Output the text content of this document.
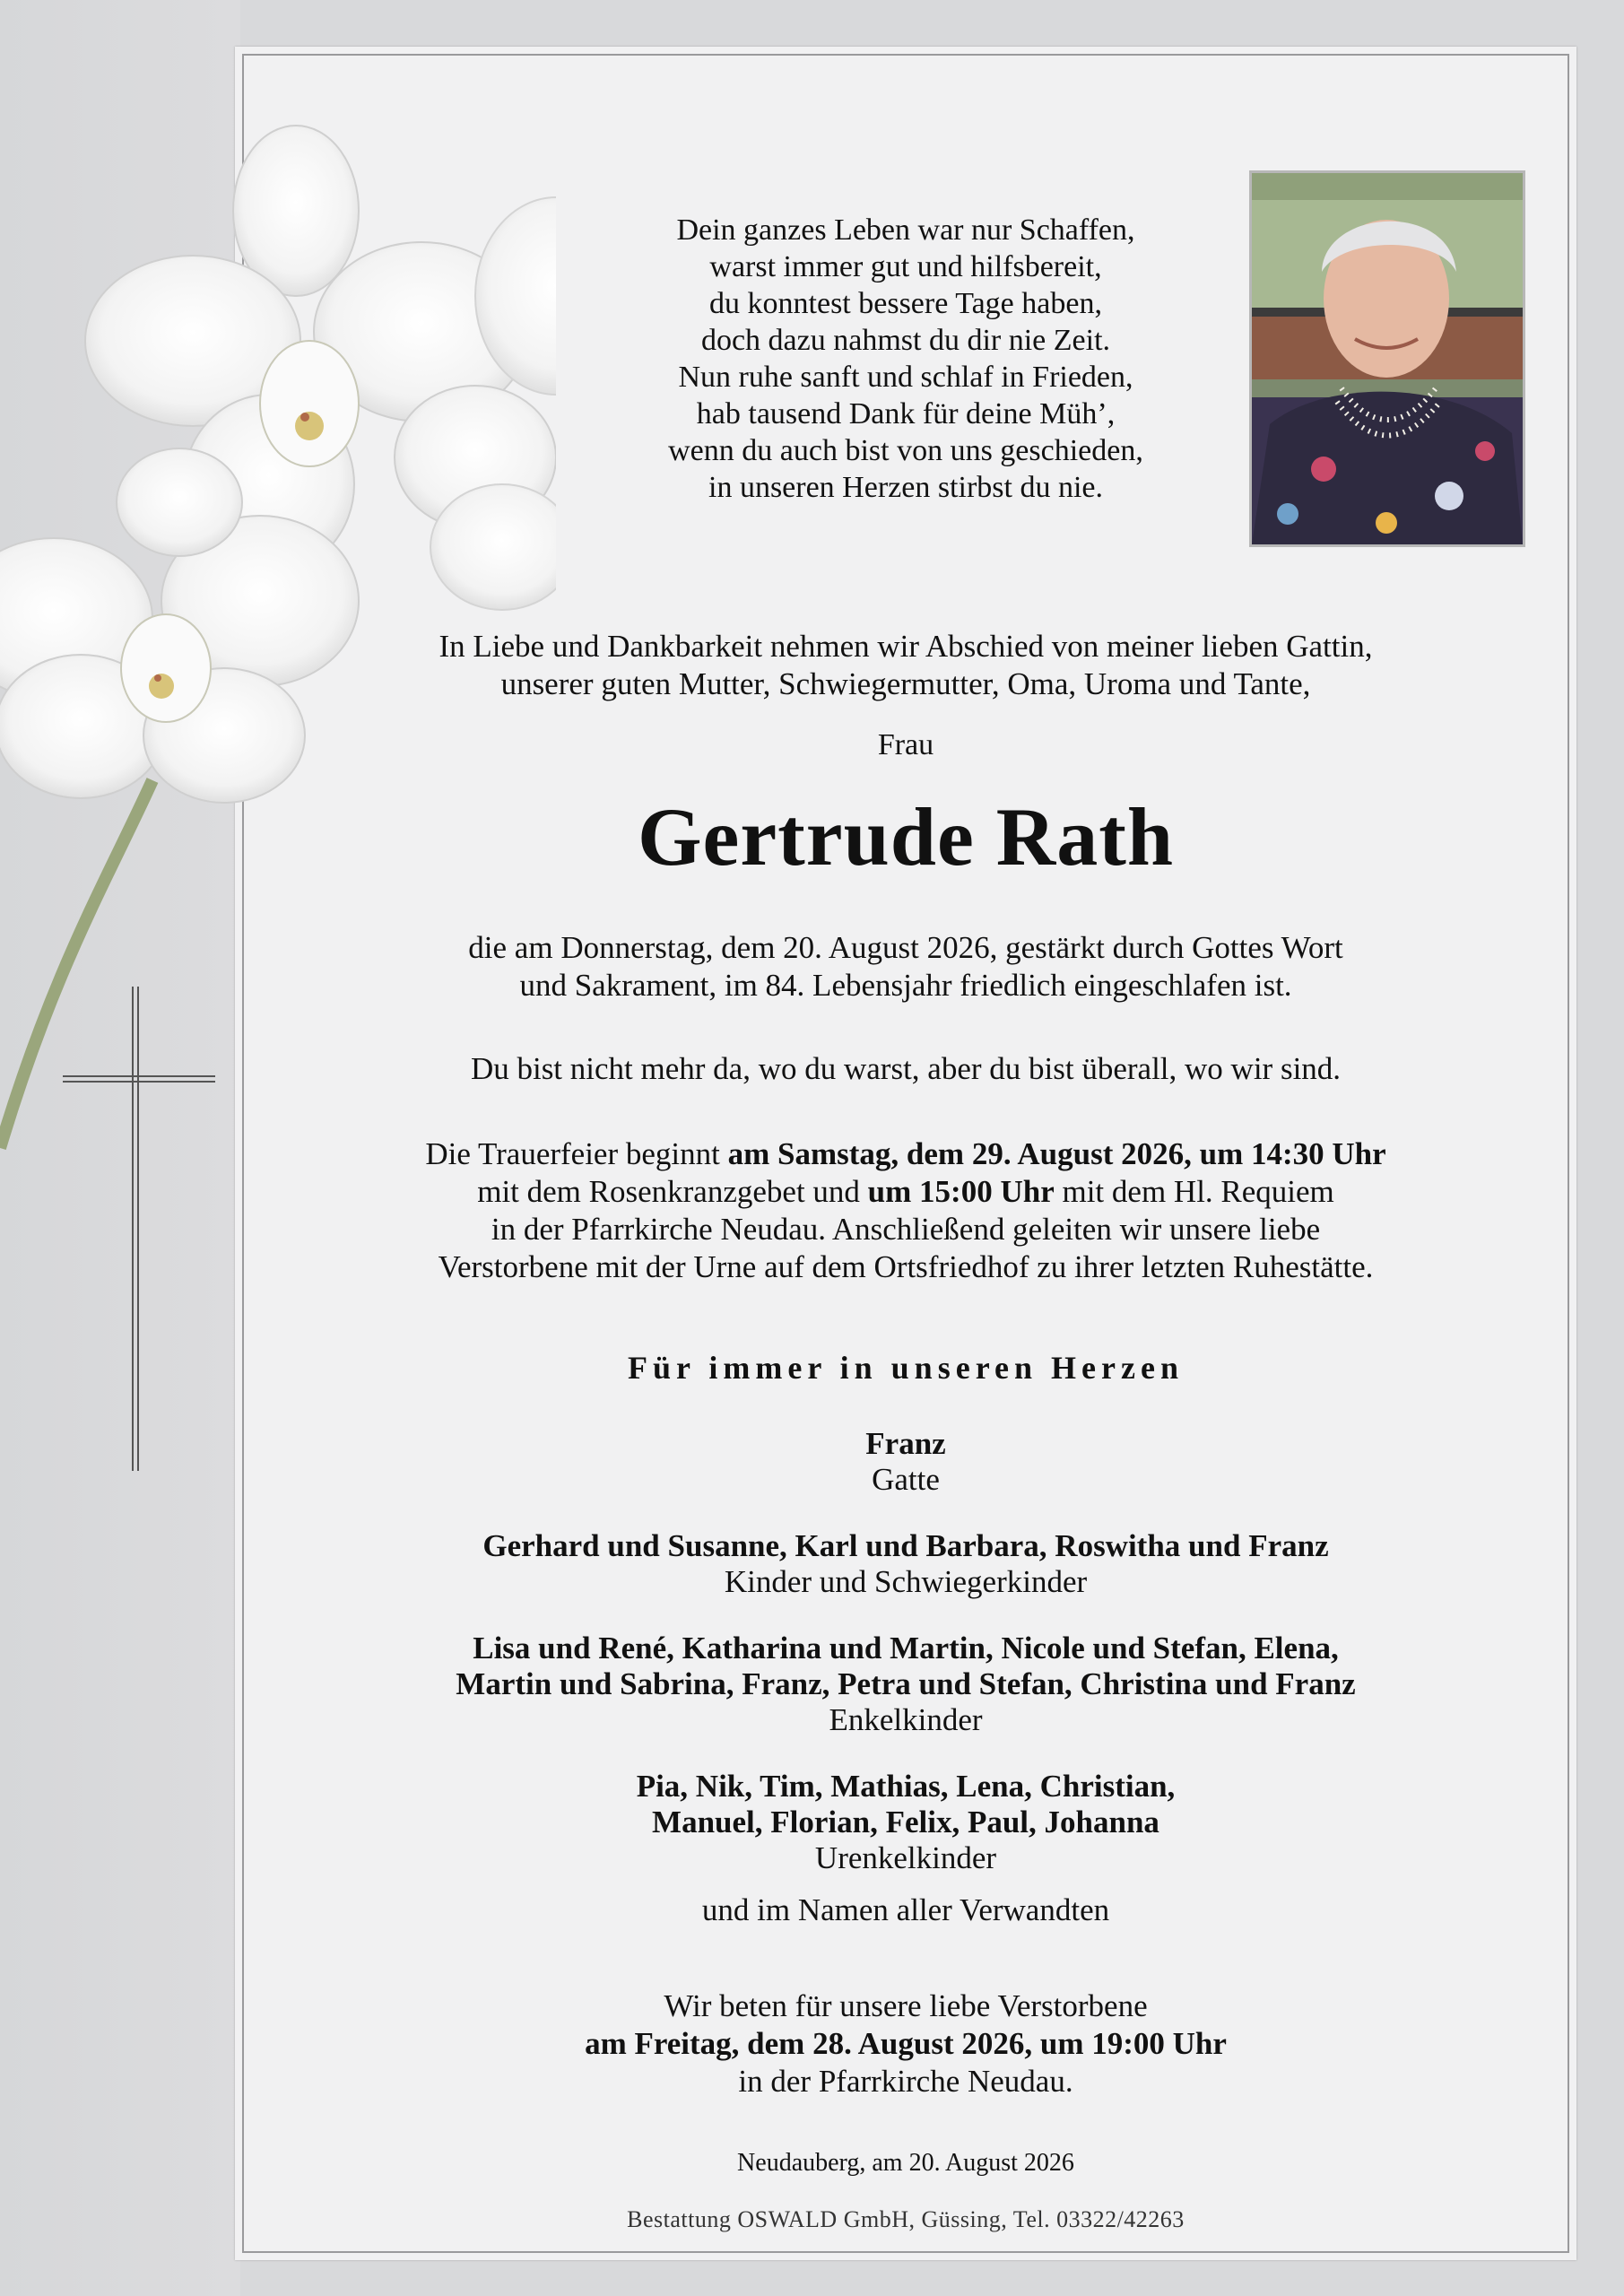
Dein ganzes Leben war nur Schaffen,
warst immer gut und hilfsbereit,
du konntest bessere Tage haben,
doch dazu nahmst du dir nie Zeit.
Nun ruhe sanft und schlaf in Frieden,
hab tausend Dank für deine Müh’,
wenn du auch bist von uns geschieden,
in unseren Herzen stirbst du nie.
In Liebe und Dankbarkeit nehmen wir Abschied von meiner lieben Gattin,
unserer guten Mutter, Schwiegermutter, Oma, Uroma und Tante,
Frau
Gertrude Rath
die am Donnerstag, dem 20. August 2026, gestärkt durch Gottes Wort
und Sakrament, im 84. Lebensjahr friedlich eingeschlafen ist.
Du bist nicht mehr da, wo du warst, aber du bist überall, wo wir sind.
Die Trauerfeier beginnt am Samstag, dem 29. August 2026, um 14:30 Uhr
mit dem Rosenkranzgebet und um 15:00 Uhr mit dem Hl. Requiem
in der Pfarrkirche Neudau. Anschließend geleiten wir unsere liebe
Verstorbene mit der Urne auf dem Ortsfriedhof zu ihrer letzten Ruhestätte.
Für immer in unseren Herzen
Franz
Gatte
Gerhard und Susanne, Karl und Barbara, Roswitha und Franz
Kinder und Schwiegerkinder
Lisa und René, Katharina und Martin, Nicole und Stefan, Elena,
Martin und Sabrina, Franz, Petra und Stefan, Christina und Franz
Enkelkinder
Pia, Nik, Tim, Mathias, Lena, Christian,
Manuel, Florian, Felix, Paul, Johanna
Urenkelkinder
und im Namen aller Verwandten
Wir beten für unsere liebe Verstorbene
am Freitag, dem 28. August 2026, um 19:00 Uhr
in der Pfarrkirche Neudau.
Neudauberg, am 20. August 2026
Bestattung OSWALD GmbH, Güssing, Tel. 03322/42263
